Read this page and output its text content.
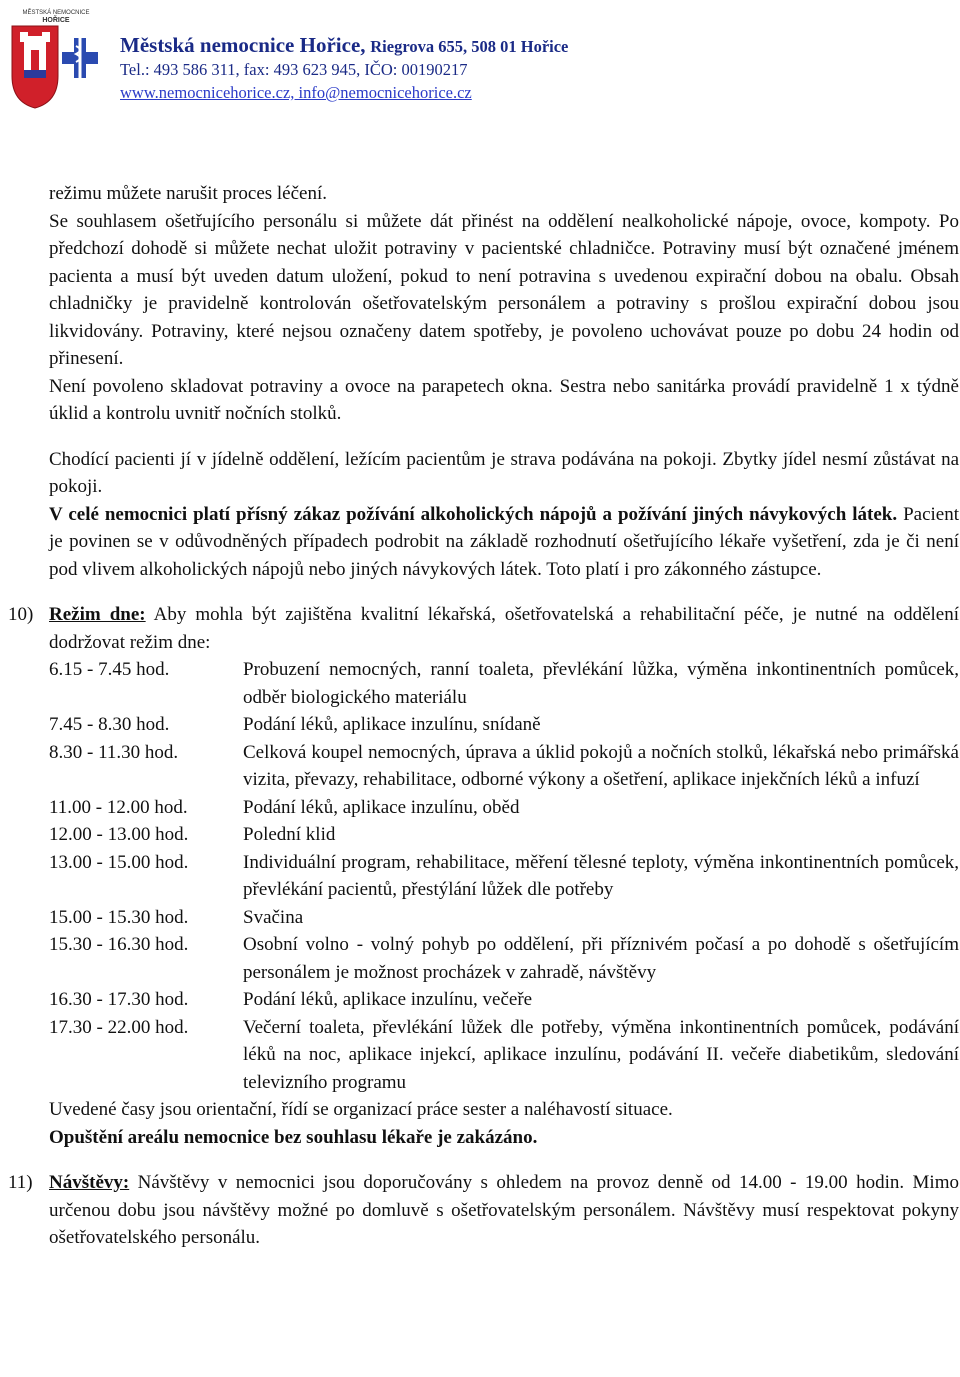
MĚSTSKÁ NEMOCNICE
HOŘICE
Městská nemocnice Hořice, Riegrova 655, 508 01 Hořice
Tel.: 493 586 311, fax: 493 623 945, IČO: 00190217
www.nemocnicehorice.cz, info@nemocnicehorice.cz

režimu můžete narušit proces léčení.

Se souhlasem ošetřujícího personálu si můžete dát přinést na oddělení nealkoholické nápoje, ovoce, kompoty. Po předchozí dohodě si můžete nechat uložit potraviny v pacientské chladničce. Potraviny musí být označené jménem pacienta a musí být uveden datum uložení, pokud to není potravina s uvedenou expirační dobou na obalu. Obsah chladničky je pravidelně kontrolován ošetřovatelským personálem a potraviny s prošlou expirační dobou jsou likvidovány. Potraviny, které nejsou označeny datem spotřeby, je povoleno uchovávat pouze po dobu 24 hodin od přinesení.

Není povoleno skladovat potraviny a ovoce na parapetech okna. Sestra nebo sanitárka provádí pravidelně 1 x týdně úklid a kontrolu uvnitř nočních stolků.

Chodící pacienti jí v jídelně oddělení, ležícím pacientům je strava podávána na pokoji. Zbytky jídel nesmí zůstávat na pokoji.

V celé nemocnici platí přísný zákaz požívání alkoholických nápojů a požívání jiných návykových látek. Pacient je povinen se v odůvodněných případech podrobit na základě rozhodnutí ošetřujícího lékaře vyšetření, zda je či není pod vlivem alkoholických nápojů nebo jiných návykových látek. Toto platí i pro zákonného zástupce.

10) Režim dne: Aby mohla být zajištěna kvalitní lékařská, ošetřovatelská a rehabilitační péče, je nutné na oddělení dodržovat režim dne:

6.15 - 7.45 hod.	Probuzení nemocných, ranní toaleta, převlékání lůžka, výměna inkontinentních pomůcek, odběr biologického materiálu
7.45 - 8.30 hod.	Podání léků, aplikace inzulínu, snídaně
8.30 - 11.30 hod.	Celková koupel nemocných, úprava a úklid pokojů a nočních stolků, lékařská nebo primářská vizita, převazy, rehabilitace, odborné výkony a ošetření, aplikace injekčních léků a infuzí
11.00 - 12.00 hod.	Podání léků, aplikace inzulínu, oběd
12.00 - 13.00 hod.	Polední klid
13.00 - 15.00 hod.	Individuální program, rehabilitace, měření tělesné teploty, výměna inkontinentních pomůcek, převlékání pacientů, přestýlání lůžek dle potřeby
15.00 - 15.30 hod.	Svačina
15.30 - 16.30 hod.	Osobní volno - volný pohyb po oddělení, při příznivém počasí a po dohodě s ošetřujícím personálem je možnost procházek v zahradě, návštěvy
16.30 - 17.30 hod.	Podání léků, aplikace inzulínu, večeře
17.30 - 22.00 hod.	Večerní toaleta, převlékání lůžek dle potřeby, výměna inkontinentních pomůcek, podávání léků na noc, aplikace injekcí, aplikace inzulínu, podávání II. večeře diabetikům, sledování televizního programu

Uvedené časy jsou orientační, řídí se organizací práce sester a naléhavostí situace.

Opuštění areálu nemocnice bez souhlasu lékaře je zakázáno.

11) Návštěvy: Návštěvy v nemocnici jsou doporučovány s ohledem na provoz denně od 14.00 - 19.00 hodin. Mimo určenou dobu jsou návštěvy možné po domluvě s ošetřovatelským personálem. Návštěvy musí respektovat pokyny ošetřovatelského personálu.
